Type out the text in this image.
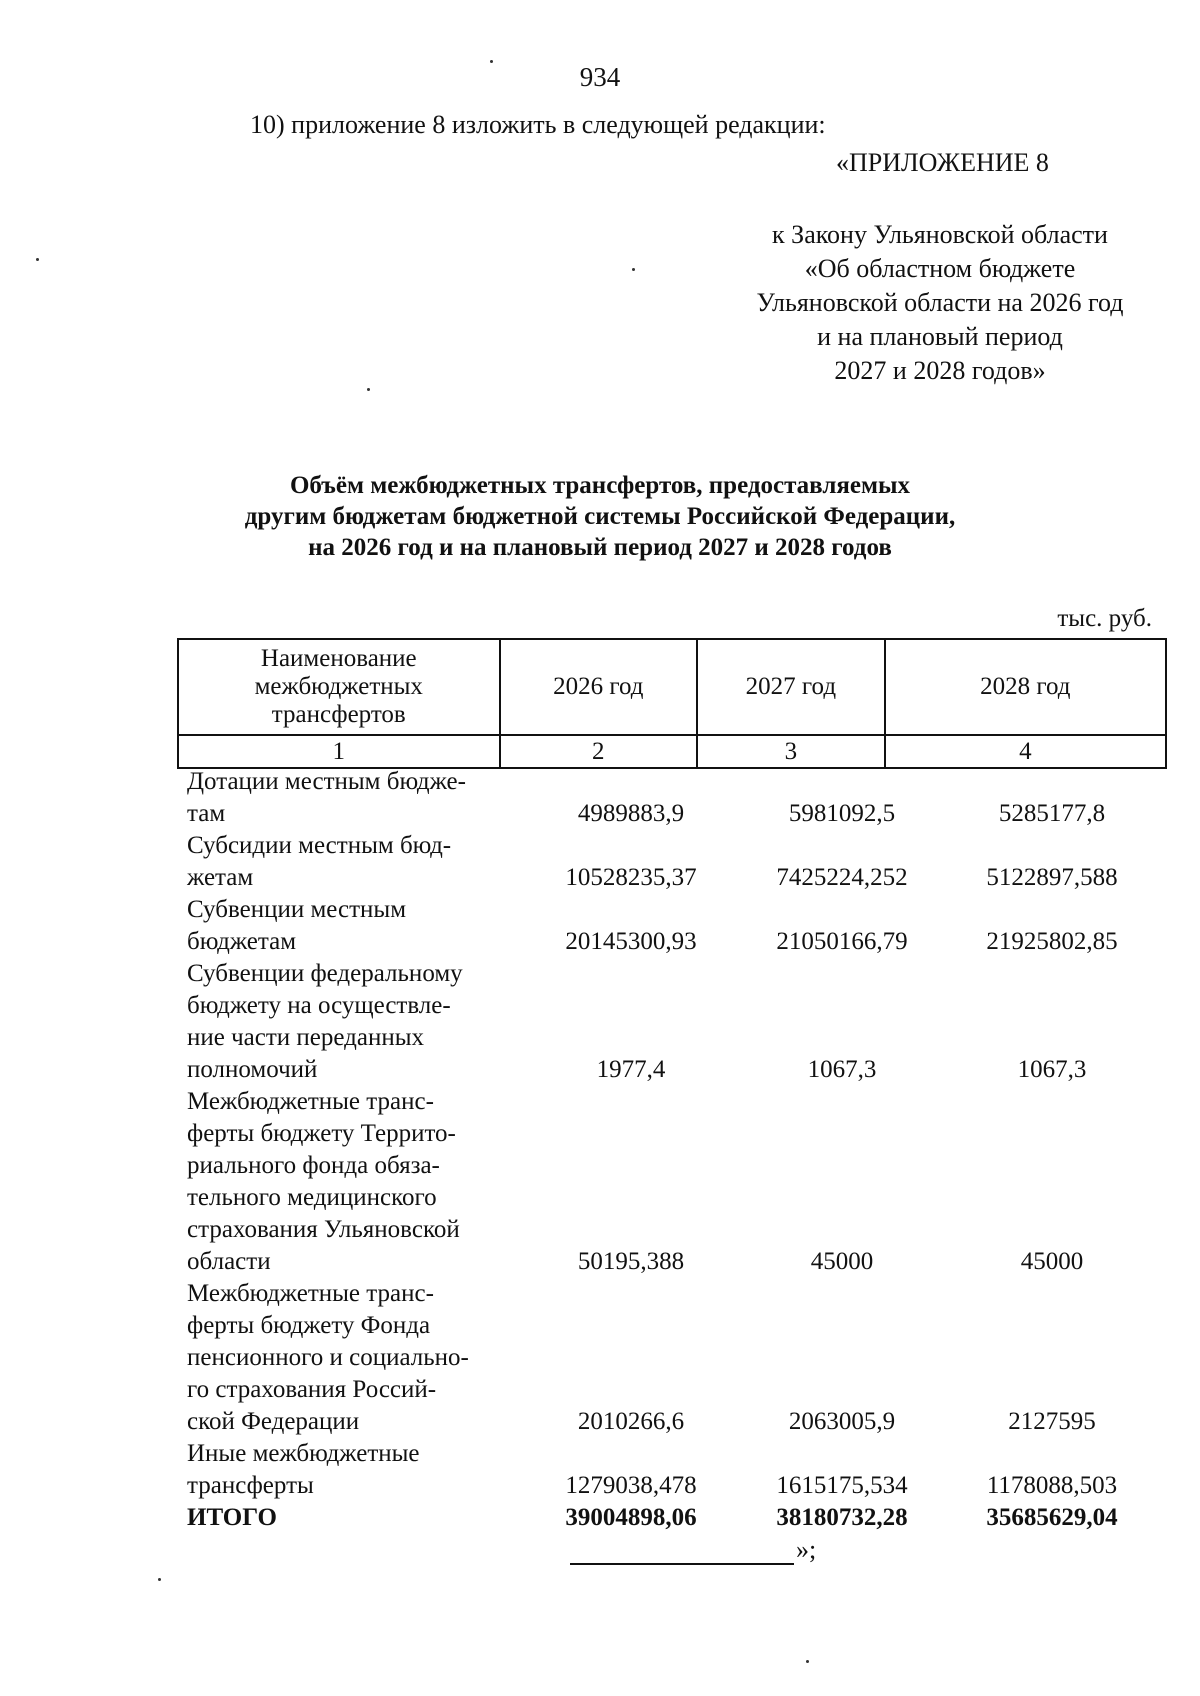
934
10) приложение 8 изложить в следующей редакции:
«ПРИЛОЖЕНИЕ 8
к Закону Ульяновской области
«Об областном бюджете
Ульяновской области на 2026 год
и на плановый период
2027 и 2028 годов»
Объём межбюджетных трансфертов, предоставляемых
другим бюджетам бюджетной системы Российской Федерации,
на 2026 год и на плановый период 2027 и 2028 годов
тыс. руб.
Наименование
межбюджетных
трансфертов	2026 год	2027 год	2028 год
1	2	3	4
Дотации местным бюдже-
там	4989883,9	5981092,5	5285177,8
Субсидии местным бюд-
жетам	10528235,37	7425224,252	5122897,588
Субвенции местным
бюджетам	20145300,93	21050166,79	21925802,85
Субвенции федеральному
бюджету на осуществле-
ние части переданных
полномочий	1977,4	1067,3	1067,3
Межбюджетные транс-
ферты бюджету Террито-
риального фонда обяза-
тельного медицинского
страхования Ульяновской
области	50195,388	45000	45000
Межбюджетные транс-
ферты бюджету Фонда
пенсионного и социально-
го страхования Россий-
ской Федерации	2010266,6	2063005,9	2127595
Иные межбюджетные
трансферты	1279038,478	1615175,534	1178088,503
ИТОГО	39004898,06	38180732,28	35685629,04
»;
